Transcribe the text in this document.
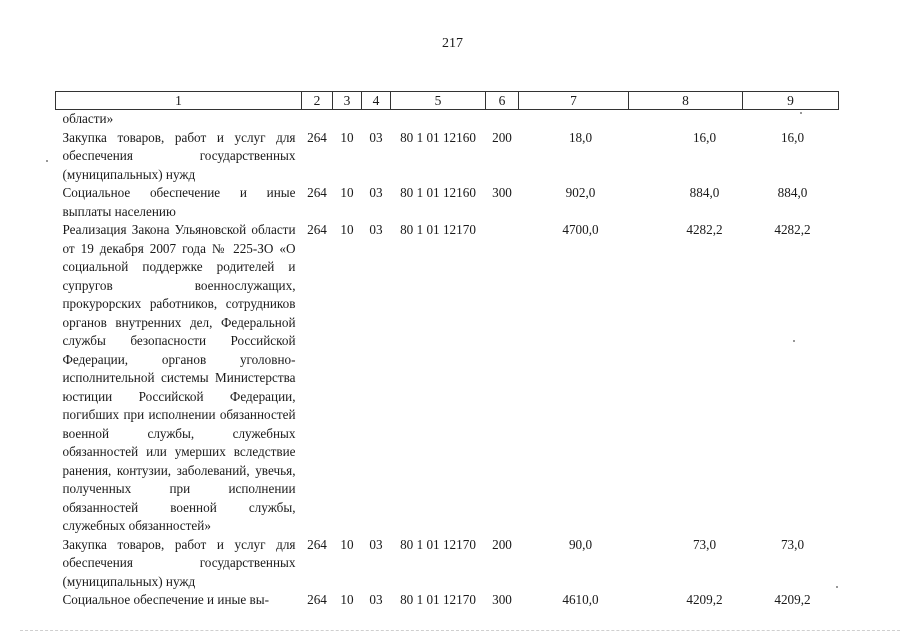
217
1	2	3	4	5	6	7	8	9
области»								
Закупка товаров, работ и услуг для обеспечения государственных (муниципальных) нужд	264	10	03	80 1 01 12160	200	18,0	16,0	16,0
Социальное обеспечение и иные выплаты населению	264	10	03	80 1 01 12160	300	902,0	884,0	884,0
Реализация Закона Ульяновской области от 19 декабря 2007 года № 225-ЗО «О социальной поддержке родителей и супругов военнослужащих, прокурорских работников, сотрудников органов внутренних дел, Федеральной службы безопасности Российской Федерации, органов уголовно-исполнительной системы Министерства юстиции Российской Федерации, погибших при исполнении обязанностей военной службы, служебных обязанностей или умерших вследствие ранения, контузии, заболеваний, увечья, полученных при исполнении обязанностей военной службы, служебных обязанностей»	264	10	03	80 1 01 12170		4700,0	4282,2	4282,2
Закупка товаров, работ и услуг для обеспечения государственных (муниципальных) нужд	264	10	03	80 1 01 12170	200	90,0	73,0	73,0
Социальное обеспечение и иные вы-	264	10	03	80 1 01 12170	300	4610,0	4209,2	4209,2
